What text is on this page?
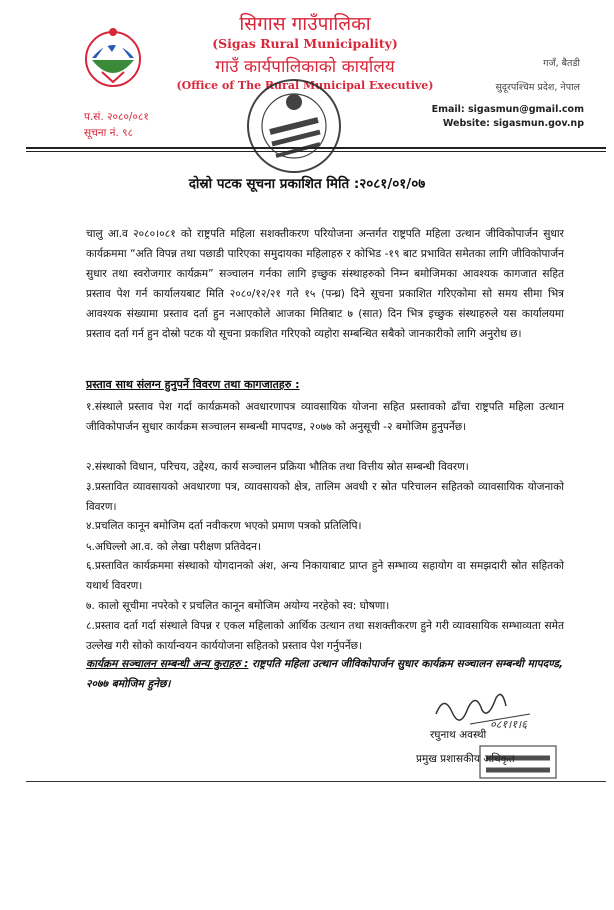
सिगास गाउँपालिका
(Sigas Rural Municipality)
गाउँ कार्यपालिकाको कार्यालय
(Office of The Rural Municipal Executive)
गजँ, बैतडी
सुदूरपश्चिम प्रदेश, नेपाल
Email: sigasmun@gmail.com
Website: sigasmun.gov.np
प.सं. २०८०/०८१
सूचना नं. ९८
दोस्रो पटक सूचना प्रकाशित मिति :२०८१/०१/०७
चालु आ.व २०८०।०८१ को राष्ट्रपति महिला सशक्तीकरण परियोजना अन्तर्गत राष्ट्रपति महिला उत्थान जीविकोपार्जन सुधार कार्यक्रममा “अति विपन्न तथा पछाडी पारिएका समुदायका महिलाहरु र कोभिड -१९ बाट प्रभावित समेतका लागि जीविकोपार्जन सुधार तथा स्वरोजगार कार्यक्रम” सञ्चालन गर्नका लागि इच्छुक संस्थाहरुको निम्न बमोजिमका आवश्यक कागजात सहित प्रस्ताव पेश गर्न कार्यालयबाट मिति २०८०/१२/२१ गते १५ (पन्ध्र) दिने सूचना प्रकाशित गरिएकोमा सो समय सीमा भित्र आवश्यक संख्यामा प्रस्ताव दर्ता हुन नआएकोले आजका मितिबाट ७ (सात) दिन भित्र इच्छुक संस्थाहरुले यस कार्यालयमा प्रस्ताव दर्ता गर्न हुन दोस्रो पटक यो सूचना प्रकाशित गरिएको व्यहोरा सम्बन्धित सबैको जानकारीको लागि अनुरोध छ।
प्रस्ताव साथ संलग्न हुनुपर्ने विवरण तथा कागजातहरु :
१.संस्थाले प्रस्ताव पेश गर्दा कार्यक्रमको अवधारणापत्र व्यावसायिक योजना सहित प्रस्तावको ढाँचा राष्ट्रपति महिला उत्थान जीविकोपार्जन सुधार कार्यक्रम सञ्चालन सम्बन्धी मापदण्ड, २०७७ को अनुसूची -२ बमोजिम हुनुपर्नेछ।
२.संस्थाको विधान, परिचय, उद्देश्य, कार्य सञ्चालन प्रक्रिया भौतिक तथा वित्तीय स्रोत सम्बन्धी विवरण।
३.प्रस्तावित व्यावसायको अवधारणा पत्र, व्यावसायको क्षेत्र, तालिम अवधी र स्रोत परिचालन सहितको व्यावसायिक योजनाको विवरण।
४.प्रचलित कानून बमोजिम दर्ता नवीकरण भएको प्रमाण पत्रको प्रतिलिपि।
५.अघिल्लो आ.व. को लेखा परीक्षण प्रतिवेदन।
६.प्रस्तावित कार्यक्रममा संस्थाको योगदानको अंश, अन्य निकायाबाट प्राप्त हुने सम्भाव्य सहायोग वा समझदारी स्रोत सहितको यथार्थ विवरण।
७. कालो सूचीमा नपरेको र प्रचलित कानून बमोजिम अयोग्य नरहेको स्व: घोषणा।
८.प्रस्ताव दर्ता गर्दा संस्थाले विपन्न र एकल महिलाको आर्थिक उत्थान तथा सशक्तीकरण हुने गरी व्यावसायिक सम्भाव्यता समेत उल्लेख गरी सोको कार्यान्वयन कार्ययोजना सहितको प्रस्ताव पेश गर्नुपर्नेछ।
कार्यक्रम सञ्चालन सम्बन्धी अन्य कुराहरु : राष्ट्रपति महिला उत्थान जीविकोपार्जन सुधार कार्यक्रम सञ्चालन सम्बन्धी मापदण्ड, २०७७ बमोजिम हुनेछ।
०८१।१।६
रघुनाथ अवस्थी
प्रमुख प्रशासकीय अधिकृत
